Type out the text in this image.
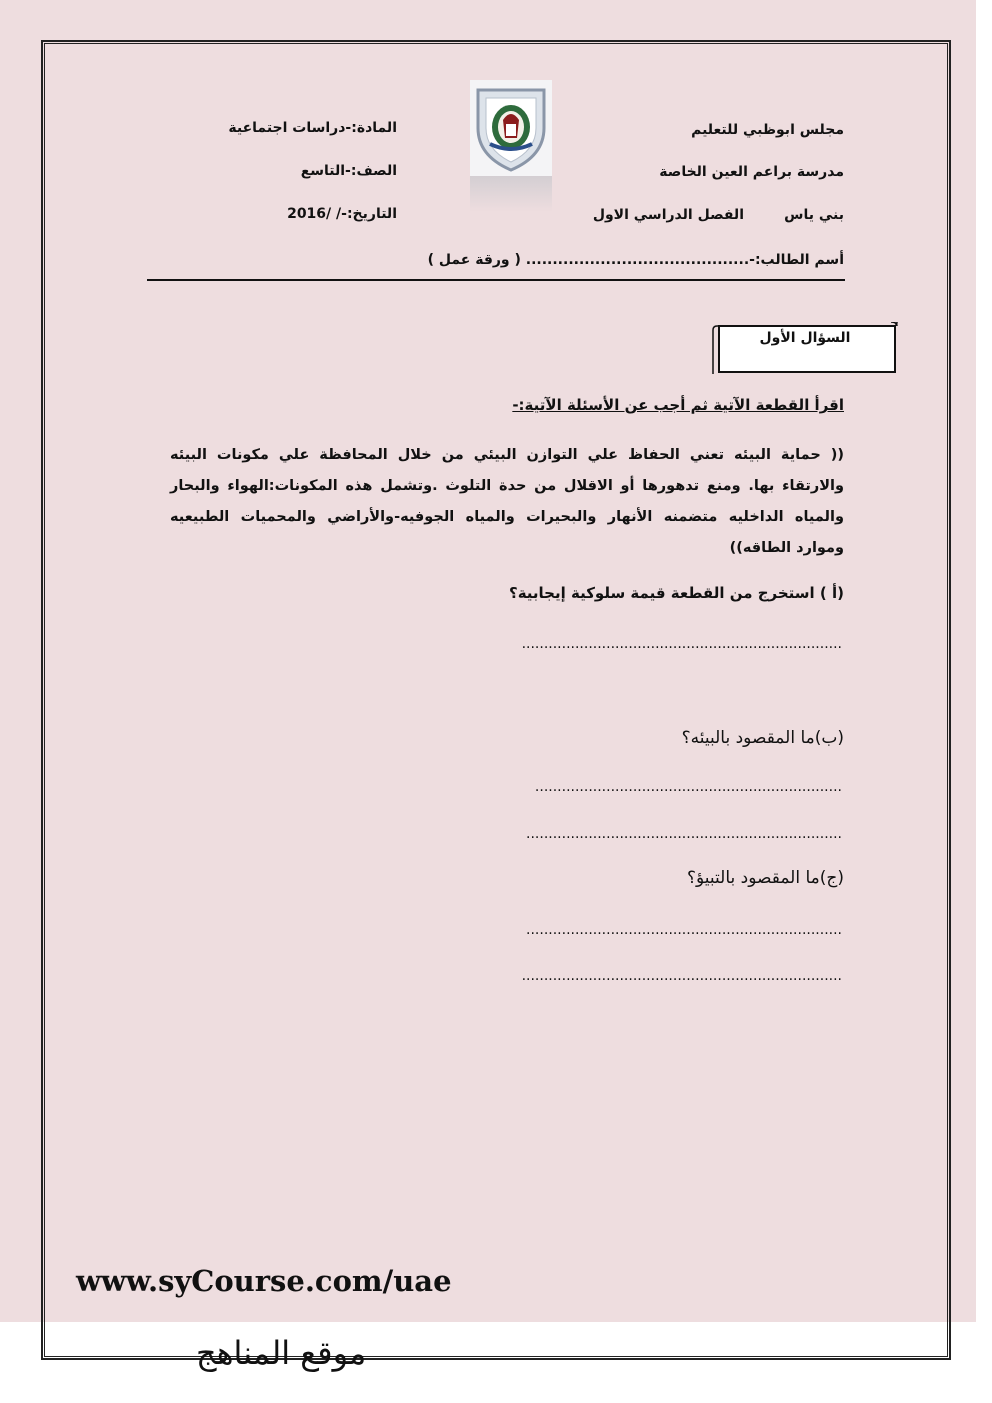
مجلس ابوظبي للتعليم
مدرسة براعم العين الخاصة
بني ياس
الفصل الدراسي الاول
أسم الطالب:-.......................................... ( ورقة عمل )
المادة:-دراسات اجتماعية
الصف:-التاسع
التاريخ:-/ /2016
السؤال الأول
اقرأ القطعة الآتية ثم أجب عن الأسئلة الآتية:-
(( حماية البيئه تعني الحفاظ علي التوازن البيئي من خلال المحافظة علي مكونات البيئه والارتقاء بها. ومنع تدهورها أو الاقلال من حدة التلوث .وتشمل هذه المكونات:الهواء والبحار والمياه الداخليه متضمنه الأنهار والبحيرات والمياه الجوفيه-والأراضي والمحميات الطبيعيه وموارد الطاقه))
(أ ) استخرج من القطعة قيمة سلوكية إيجابية؟
........................................................................
(ب)ما المقصود بالبيئه؟
.....................................................................
.......................................................................
(ج)ما المقصود بالتبيؤ؟
.......................................................................
........................................................................
www.syCourse.com/uae
موقع المناهج
